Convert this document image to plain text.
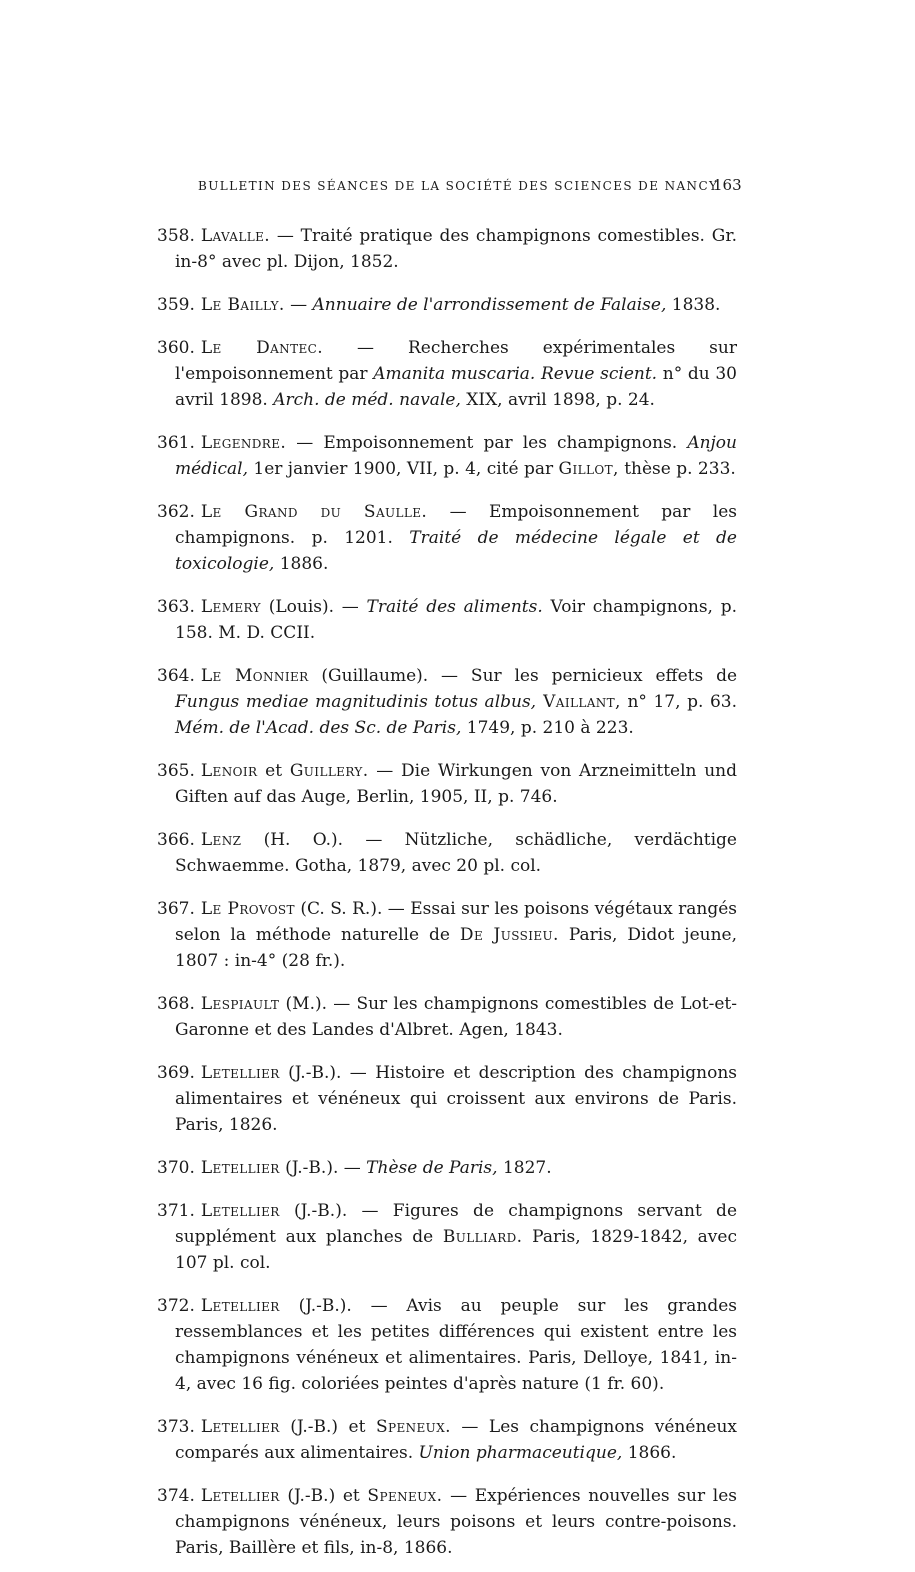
BULLETIN DES SÉANCES DE LA SOCIÉTÉ DES SCIENCES DE NANCY
163

358. Lavalle. — Traité pratique des champignons comestibles. Gr. in-8° avec pl. Dijon, 1852.

359. Le Bailly. — Annuaire de l'arrondissement de Falaise, 1838.

360. Le Dantec. — Recherches expérimentales sur l'empoisonnement par Amanita muscaria. Revue scient. n° du 30 avril 1898. Arch. de méd. navale, XIX, avril 1898, p. 24.

361. Legendre. — Empoisonnement par les champignons. Anjou médical, 1er janvier 1900, VII, p. 4, cité par Gillot, thèse p. 233.

362. Le Grand du Saulle. — Empoisonnement par les champignons. p. 1201. Traité de médecine légale et de toxicologie, 1886.

363. Lemery (Louis). — Traité des aliments. Voir champignons, p. 158. M. D. CCII.

364. Le Monnier (Guillaume). — Sur les pernicieux effets de Fungus mediae magnitudinis totus albus, Vaillant, n° 17, p. 63. Mém. de l'Acad. des Sc. de Paris, 1749, p. 210 à 223.

365. Lenoir et Guillery. — Die Wirkungen von Arzneimitteln und Giften auf das Auge, Berlin, 1905, II, p. 746.

366. Lenz (H. O.). — Nützliche, schädliche, verdächtige Schwaemme. Gotha, 1879, avec 20 pl. col.

367. Le Provost (C. S. R.). — Essai sur les poisons végétaux rangés selon la méthode naturelle de De Jussieu. Paris, Didot jeune, 1807 : in-4° (28 fr.).

368. Lespiault (M.). — Sur les champignons comestibles de Lot-et-Garonne et des Landes d'Albret. Agen, 1843.

369. Letellier (J.-B.). — Histoire et description des champignons alimentaires et vénéneux qui croissent aux environs de Paris. Paris, 1826.

370. Letellier (J.-B.). — Thèse de Paris, 1827.

371. Letellier (J.-B.). — Figures de champignons servant de supplément aux planches de Bulliard. Paris, 1829-1842, avec 107 pl. col.

372. Letellier (J.-B.). — Avis au peuple sur les grandes ressemblances et les petites différences qui existent entre les champignons vénéneux et alimentaires. Paris, Delloye, 1841, in-4, avec 16 fig. coloriées peintes d'après nature (1 fr. 60).

373. Letellier (J.-B.) et Speneux. — Les champignons vénéneux comparés aux alimentaires. Union pharmaceutique, 1866.

374. Letellier (J.-B.) et Speneux. — Expériences nouvelles sur les champignons vénéneux, leurs poisons et leurs contre-poisons. Paris, Baillère et fils, in-8, 1866.
